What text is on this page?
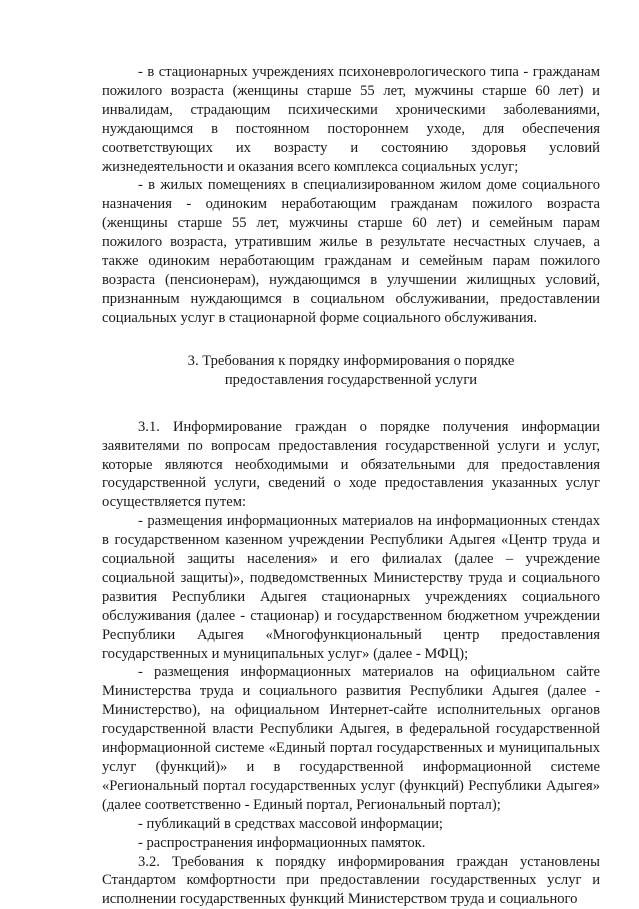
- в стационарных учреждениях психоневрологического типа - гражданам пожилого возраста (женщины старше 55 лет, мужчины старше 60 лет) и инвалидам, страдающим психическими хроническими заболеваниями, нуждающимся в постоянном постороннем уходе, для обеспечения соответствующих их возрасту и состоянию здоровья условий жизнедеятельности и оказания всего комплекса социальных услуг;

- в жилых помещениях в специализированном жилом доме социального назначения - одиноким неработающим гражданам пожилого возраста (женщины старше 55 лет, мужчины старше 60 лет) и семейным парам пожилого возраста, утратившим жилье в результате несчастных случаев, а также одиноким неработающим гражданам и семейным парам пожилого возраста (пенсионерам), нуждающимся в улучшении жилищных условий, признанным нуждающимся в социальном обслуживании, предоставлении социальных услуг в стационарной форме социального обслуживания.

3. Требования к порядку информирования о порядке
предоставления государственной услуги

3.1. Информирование граждан о порядке получения информации заявителями по вопросам предоставления государственной услуги и услуг, которые являются необходимыми и обязательными для предоставления государственной услуги, сведений о ходе предоставления указанных услуг осуществляется путем:

- размещения информационных материалов на информационных стендах в государственном казенном учреждении Республики Адыгея «Центр труда и социальной защиты населения» и его филиалах (далее – учреждение социальной защиты)», подведомственных Министерству труда и социального развития Республики Адыгея стационарных учреждениях социального обслуживания (далее - стационар) и государственном бюджетном учреждении Республики Адыгея «Многофункциональный центр предоставления государственных и муниципальных услуг» (далее - МФЦ);

- размещения информационных материалов на официальном сайте Министерства труда и социального развития Республики Адыгея (далее - Министерство), на официальном Интернет-сайте исполнительных органов государственной власти Республики Адыгея, в федеральной государственной информационной системе «Единый портал государственных и муниципальных услуг (функций)» и в государственной информационной системе «Региональный портал государственных услуг (функций) Республики Адыгея» (далее соответственно - Единый портал, Региональный портал);

- публикаций в средствах массовой информации;

- распространения информационных памяток.

3.2. Требования к порядку информирования граждан установлены Стандартом комфортности при предоставлении государственных услуг и исполнении государственных функций Министерством труда и социального
